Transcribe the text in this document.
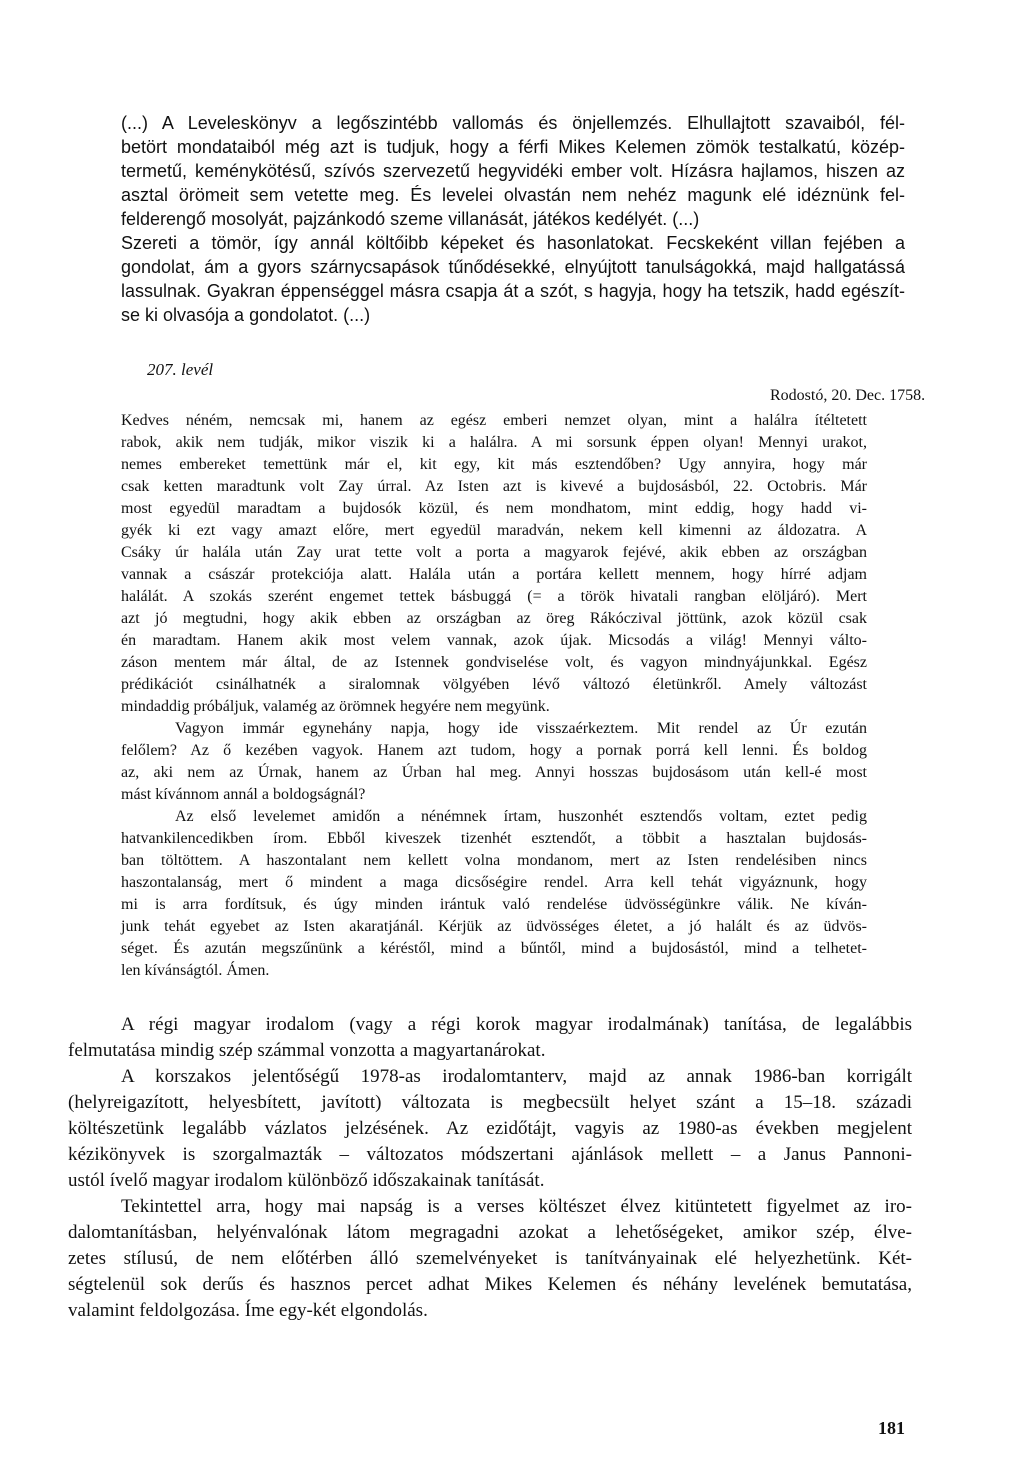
(...) A Leveleskönyv a legőszintébb vallomás és önjellemzés. Elhullajtott szavaiból, fél-
betört mondataiból még azt is tudjuk, hogy a férfi Mikes Kelemen zömök testalkatú, közép-
termetű, keménykötésű, szívós szervezetű hegyvidéki ember volt. Hízásra hajlamos, hiszen az
asztal örömeit sem vetette meg. És levelei olvastán nem nehéz magunk elé idéznünk fel-
felderengő mosolyát, pajzánkodó szeme villanását, játékos kedélyét. (...)
Szereti a tömör, így annál költőibb képeket és hasonlatokat. Fecskeként villan fejében a
gondolat, ám a gyors szárnycsapások tűnődésekké, elnyújtott tanulságokká, majd hallgatássá
lassulnak. Gyakran éppenséggel másra csapja át a szót, s hagyja, hogy ha tetszik, hadd egészít-
se ki olvasója a gondolatot. (...)
207. levél
Rodostó, 20. Dec. 1758.
Kedves néném, nemcsak mi, hanem az egész emberi nemzet olyan, mint a halálra ítéltetett
rabok, akik nem tudják, mikor viszik ki a halálra. A mi sorsunk éppen olyan! Mennyi urakot,
nemes embereket temettünk már el, kit egy, kit más esztendőben? Ugy annyira, hogy már
csak ketten maradtunk volt Zay úrral. Az Isten azt is kivevé a bujdosásból, 22. Octobris. Már
most egyedül maradtam a bujdosók közül, és nem mondhatom, mint eddig, hogy hadd vi-
gyék ki ezt vagy amazt előre, mert egyedül maradván, nekem kell kimenni az áldozatra. A
Csáky úr halála után Zay urat tette volt a porta a magyarok fejévé, akik ebben az országban
vannak a császár protekciója alatt. Halála után a portára kellett mennem, hogy hírré adjam
halálát. A szokás szerént engemet tettek básbuggá (= a török hivatali rangban elöljáró). Mert
azt jó megtudni, hogy akik ebben az országban az öreg Rákóczival jöttünk, azok közül csak
én maradtam. Hanem akik most velem vannak, azok újak. Micsodás a világ! Mennyi válto-
záson mentem már által, de az Istennek gondviselése volt, és vagyon mindnyájunkkal. Egész
prédikációt csinálhatnék a siralomnak völgyében lévő változó életünkről. Amely változást
mindaddig próbáljuk, valamég az örömnek hegyére nem megyünk.
Vagyon immár egynehány napja, hogy ide visszaérkeztem. Mit rendel az Úr ezután
felőlem? Az ő kezében vagyok. Hanem azt tudom, hogy a pornak porrá kell lenni. És boldog
az, aki nem az Úrnak, hanem az Úrban hal meg. Annyi hosszas bujdosásom után kell-é most
mást kívánnom annál a boldogságnál?
Az első levelemet amidőn a nénémnek írtam, huszonhét esztendős voltam, eztet pedig
hatvankilencedikben írom. Ebből kiveszek tizenhét esztendőt, a többit a hasztalan bujdosás-
ban töltöttem. A haszontalant nem kellett volna mondanom, mert az Isten rendelésiben nincs
haszontalanság, mert ő mindent a maga dicsőségire rendel. Arra kell tehát vigyáznunk, hogy
mi is arra fordítsuk, és úgy minden irántuk való rendelése üdvösségünkre válik. Ne kíván-
junk tehát egyebet az Isten akaratjánál. Kérjük az üdvösséges életet, a jó halált és az üdvös-
séget. És azután megszűnünk a kéréstől, mind a bűntől, mind a bujdosástól, mind a telhetet-
len kívánságtól. Ámen.
A régi magyar irodalom (vagy a régi korok magyar irodalmának) tanítása, de legalábbis
felmutatása mindig szép számmal vonzotta a magyartanárokat.
A korszakos jelentőségű 1978-as irodalomtanterv, majd az annak 1986-ban korrigált
(helyreigazított, helyesbített, javított) változata is megbecsült helyet szánt a 15–18. századi
költészetünk legalább vázlatos jelzésének. Az ezidőtájt, vagyis az 1980-as években megjelent
kézikönyvek is szorgalmazták – változatos módszertani ajánlások mellett – a Janus Pannoni-
ustól ívelő magyar irodalom különböző időszakainak tanítását.
Tekintettel arra, hogy mai napság is a verses költészet élvez kitüntetett figyelmet az iro-
dalomtanításban, helyénvalónak látom megragadni azokat a lehetőségeket, amikor szép, élve-
zetes stílusú, de nem előtérben álló szemelvényeket is tanítványainak elé helyezhetünk. Két-
ségtelenül sok derűs és hasznos percet adhat Mikes Kelemen és néhány levelének bemutatása,
valamint feldolgozása. Íme egy-két elgondolás.
181
